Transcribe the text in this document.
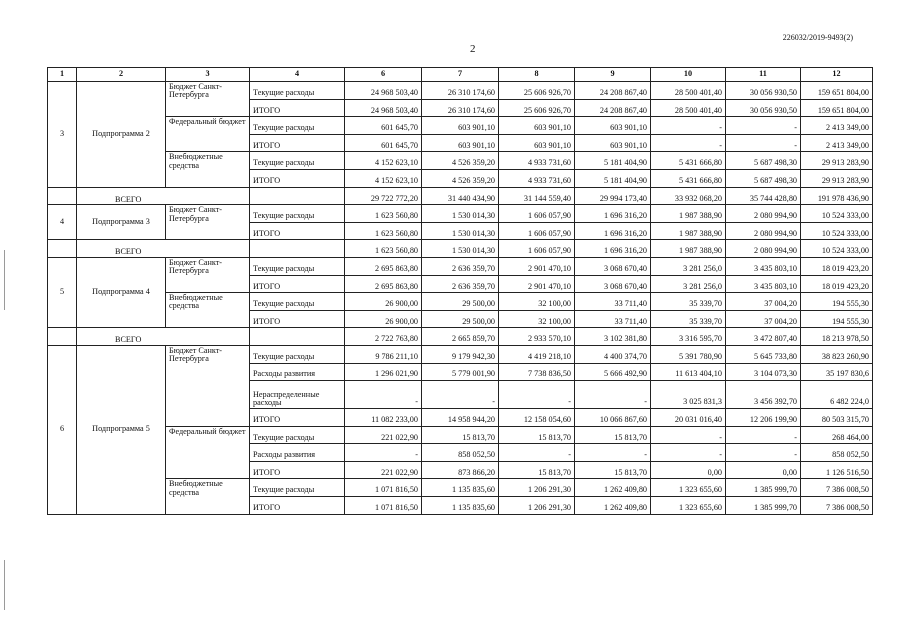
226032/2019-9493(2)
2
1	2	3	4	6	7	8	9	10	11	12
3	Подпрограмма 2	Бюджет Санкт-Петербурга	Текущие расходы	24 968 503,40	26 310 174,60	25 606 926,70	24 208 867,40	28 500 401,40	30 056 930,50	159 651 804,00
			ИТОГО	24 968 503,40	26 310 174,60	25 606 926,70	24 208 867,40	28 500 401,40	30 056 930,50	159 651 804,00
		Федеральный бюджет	Текущие расходы	601 645,70	603 901,10	603 901,10	603 901,10	-	-	2 413 349,00
			ИТОГО	601 645,70	603 901,10	603 901,10	603 901,10	-	-	2 413 349,00
		Внебюджетные средства	Текущие расходы	4 152 623,10	4 526 359,20	4 933 731,60	5 181 404,90	5 431 666,80	5 687 498,30	29 913 283,90
			ИТОГО	4 152 623,10	4 526 359,20	4 933 731,60	5 181 404,90	5 431 666,80	5 687 498,30	29 913 283,90
	ВСЕГО			29 722 772,20	31 440 434,90	31 144 559,40	29 994 173,40	33 932 068,20	35 744 428,80	191 978 436,90
4	Подпрограмма 3	Бюджет Санкт-Петербурга	Текущие расходы	1 623 560,80	1 530 014,30	1 606 057,90	1 696 316,20	1 987 388,90	2 080 994,90	10 524 333,00
			ИТОГО	1 623 560,80	1 530 014,30	1 606 057,90	1 696 316,20	1 987 388,90	2 080 994,90	10 524 333,00
	ВСЕГО			1 623 560,80	1 530 014,30	1 606 057,90	1 696 316,20	1 987 388,90	2 080 994,90	10 524 333,00
5	Подпрограмма 4	Бюджет Санкт-Петербурга	Текущие расходы	2 695 863,80	2 636 359,70	2 901 470,10	3 068 670,40	3 281 256,0	3 435 803,10	18 019 423,20
			ИТОГО	2 695 863,80	2 636 359,70	2 901 470,10	3 068 670,40	3 281 256,0	3 435 803,10	18 019 423,20
		Внебюджетные средства	Текущие расходы	26 900,00	29 500,00	32 100,00	33 711,40	35 339,70	37 004,20	194 555,30
			ИТОГО	26 900,00	29 500,00	32 100,00	33 711,40	35 339,70	37 004,20	194 555,30
	ВСЕГО			2 722 763,80	2 665 859,70	2 933 570,10	3 102 381,80	3 316 595,70	3 472 807,40	18 213 978,50
6	Подпрограмма 5	Бюджет Санкт-Петербурга	Текущие расходы	9 786 211,10	9 179 942,30	4 419 218,10	4 400 374,70	5 391 780,90	5 645 733,80	38 823 260,90
			Расходы развития	1 296 021,90	5 779 001,90	7 738 836,50	5 666 492,90	11 613 404,10	3 104 073,30	35 197 830,6
			Нераспределенные расходы	-	-	-	-	3 025 831,3	3 456 392,70	6 482 224,0
			ИТОГО	11 082 233,00	14 958 944,20	12 158 054,60	10 066 867,60	20 031 016,40	12 206 199,90	80 503 315,70
		Федеральный бюджет	Текущие расходы	221 022,90	15 813,70	15 813,70	15 813,70	-	-	268 464,00
			Расходы развития	-	858 052,50	-	-	-	-	858 052,50
			ИТОГО	221 022,90	873 866,20	15 813,70	15 813,70	0,00	0,00	1 126 516,50
		Внебюджетные средства	Текущие расходы	1 071 816,50	1 135 835,60	1 206 291,30	1 262 409,80	1 323 655,60	1 385 999,70	7 386 008,50
			ИТОГО	1 071 816,50	1 135 835,60	1 206 291,30	1 262 409,80	1 323 655,60	1 385 999,70	7 386 008,50
